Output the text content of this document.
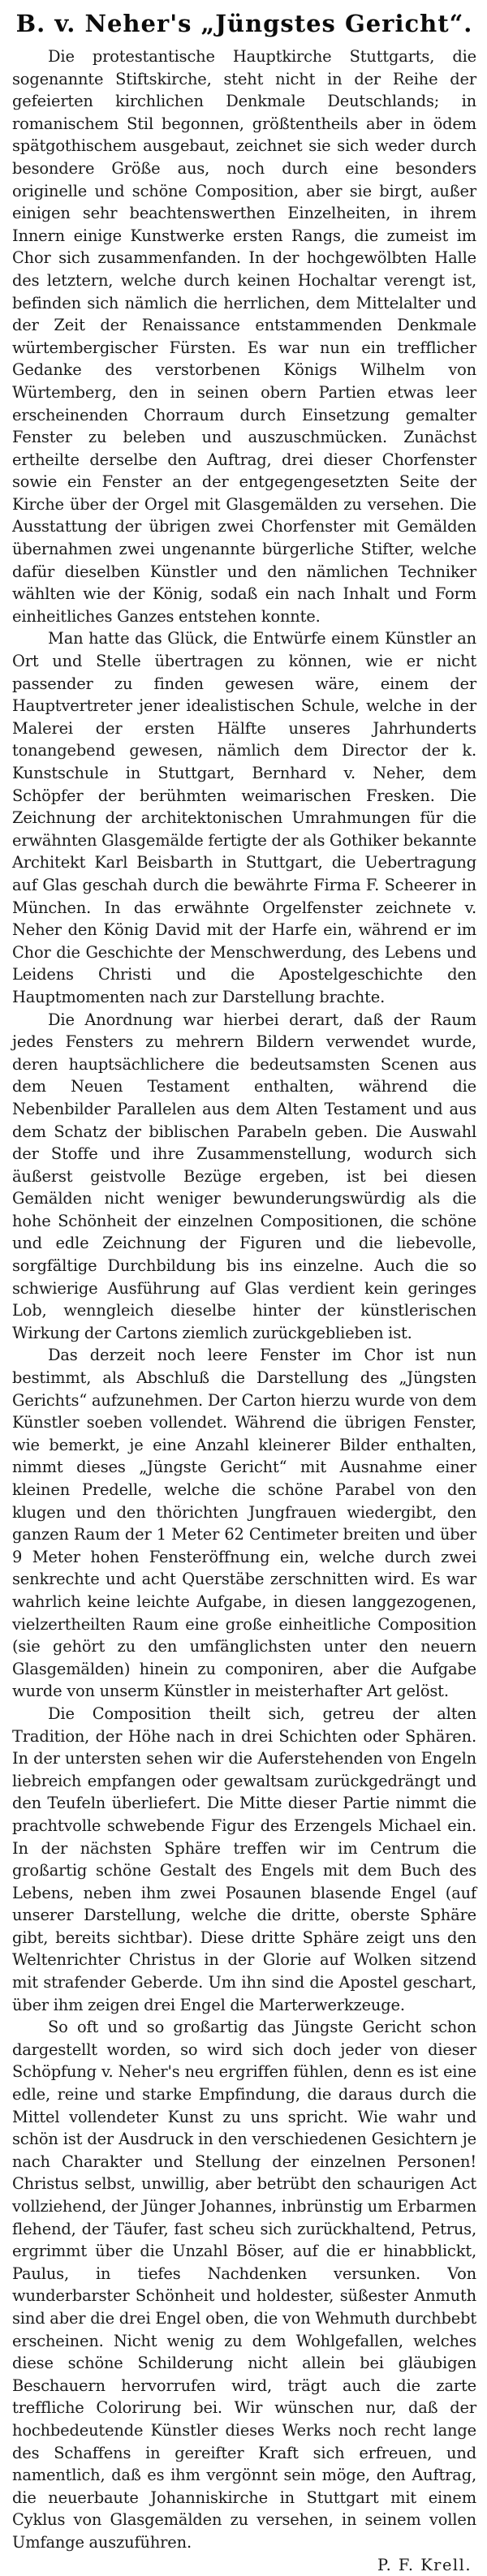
B. v. Neher's „Jüngstes Gericht“.

Die protestantische Hauptkirche Stuttgarts, die sogenannte Stiftskirche, steht nicht in der Reihe der gefeierten kirchlichen Denkmale Deutschlands; in romanischem Stil begonnen, größtentheils aber in ödem spätgothischem ausgebaut, zeichnet sie sich weder durch besondere Größe aus, noch durch eine besonders originelle und schöne Composition, aber sie birgt, außer einigen sehr beachtenswerthen Einzelheiten, in ihrem Innern einige Kunstwerke ersten Rangs, die zumeist im Chor sich zusammenfanden. In der hochgewölbten Halle des letztern, welche durch keinen Hochaltar verengt ist, befinden sich nämlich die herrlichen, dem Mittelalter und der Zeit der Renaissance entstammenden Denkmale würtembergischer Fürsten. Es war nun ein trefflicher Gedanke des verstorbenen Königs Wilhelm von Würtemberg, den in seinen obern Partien etwas leer erscheinenden Chorraum durch Einsetzung gemalter Fenster zu beleben und auszuschmücken. Zunächst ertheilte derselbe den Auftrag, drei dieser Chorfenster sowie ein Fenster an der entgegengesetzten Seite der Kirche über der Orgel mit Glasgemälden zu versehen. Die Ausstattung der übrigen zwei Chorfenster mit Gemälden übernahmen zwei ungenannte bürgerliche Stifter, welche dafür dieselben Künstler und den nämlichen Techniker wählten wie der König, sodaß ein nach Inhalt und Form einheitliches Ganzes entstehen konnte.

Man hatte das Glück, die Entwürfe einem Künstler an Ort und Stelle übertragen zu können, wie er nicht passender zu finden gewesen wäre, einem der Hauptvertreter jener idealistischen Schule, welche in der Malerei der ersten Hälfte unseres Jahrhunderts tonangebend gewesen, nämlich dem Director der k. Kunstschule in Stuttgart, Bernhard v. Neher, dem Schöpfer der berühmten weimarischen Fresken. Die Zeichnung der architektonischen Umrahmungen für die erwähnten Glasgemälde fertigte der als Gothiker bekannte Architekt Karl Beisbarth in Stuttgart, die Uebertragung auf Glas geschah durch die bewährte Firma F. Scheerer in München. In das erwähnte Orgelfenster zeichnete v. Neher den König David mit der Harfe ein, während er im Chor die Geschichte der Menschwerdung, des Lebens und Leidens Christi und die Apostelgeschichte den Hauptmomenten nach zur Darstellung brachte.

Die Anordnung war hierbei derart, daß der Raum jedes Fensters zu mehrern Bildern verwendet wurde, deren hauptsächlichere die bedeutsamsten Scenen aus dem Neuen Testament enthalten, während die Nebenbilder Parallelen aus dem Alten Testament und aus dem Schatz der biblischen Parabeln geben. Die Auswahl der Stoffe und ihre Zusammenstellung, wodurch sich äußerst geistvolle Bezüge ergeben, ist bei diesen Gemälden nicht weniger bewunderungswürdig als die hohe Schönheit der einzelnen Compositionen, die schöne und edle Zeichnung der Figuren und die liebevolle, sorgfältige Durchbildung bis ins einzelne. Auch die so schwierige Ausführung auf Glas verdient kein geringes Lob, wenngleich dieselbe hinter der künstlerischen Wirkung der Cartons ziemlich zurückgeblieben ist.

Das derzeit noch leere Fenster im Chor ist nun bestimmt, als Abschluß die Darstellung des „Jüngsten Gerichts“ aufzunehmen. Der Carton hierzu wurde von dem Künstler soeben vollendet. Während die übrigen Fenster, wie bemerkt, je eine Anzahl kleinerer Bilder enthalten, nimmt dieses „Jüngste Gericht“ mit Ausnahme einer kleinen Predelle, welche die schöne Parabel von den klugen und den thörichten Jungfrauen wiedergibt, den ganzen Raum der 1 Meter 62 Centimeter breiten und über 9 Meter hohen Fensteröffnung ein, welche durch zwei senkrechte und acht Querstäbe zerschnitten wird. Es war wahrlich keine leichte Aufgabe, in diesen langgezogenen, vielzertheilten Raum eine große einheitliche Composition (sie gehört zu den umfänglichsten unter den neuern Glasgemälden) hinein zu componiren, aber die Aufgabe wurde von unserm Künstler in meisterhafter Art gelöst.

Die Composition theilt sich, getreu der alten Tradition, der Höhe nach in drei Schichten oder Sphären. In der untersten sehen wir die Auferstehenden von Engeln liebreich empfangen oder gewaltsam zurückgedrängt und den Teufeln überliefert. Die Mitte dieser Partie nimmt die prachtvolle schwebende Figur des Erzengels Michael ein. In der nächsten Sphäre treffen wir im Centrum die großartig schöne Gestalt des Engels mit dem Buch des Lebens, neben ihm zwei Posaunen blasende Engel (auf unserer Darstellung, welche die dritte, oberste Sphäre gibt, bereits sichtbar). Diese dritte Sphäre zeigt uns den Weltenrichter Christus in der Glorie auf Wolken sitzend mit strafender Geberde. Um ihn sind die Apostel geschart, über ihm zeigen drei Engel die Marterwerkzeuge.

So oft und so großartig das Jüngste Gericht schon dargestellt worden, so wird sich doch jeder von dieser Schöpfung v. Neher's neu ergriffen fühlen, denn es ist eine edle, reine und starke Empfindung, die daraus durch die Mittel vollendeter Kunst zu uns spricht. Wie wahr und schön ist der Ausdruck in den verschiedenen Gesichtern je nach Charakter und Stellung der einzelnen Personen! Christus selbst, unwillig, aber betrübt den schaurigen Act vollziehend, der Jünger Johannes, inbrünstig um Erbarmen flehend, der Täufer, fast scheu sich zurückhaltend, Petrus, ergrimmt über die Unzahl Böser, auf die er hinabblickt, Paulus, in tiefes Nachdenken versunken. Von wunderbarster Schönheit und holdester, süßester Anmuth sind aber die drei Engel oben, die von Wehmuth durchbebt erscheinen. Nicht wenig zu dem Wohlgefallen, welches diese schöne Schilderung nicht allein bei gläubigen Beschauern hervorrufen wird, trägt auch die zarte treffliche Colorirung bei. Wir wünschen nur, daß der hochbedeutende Künstler dieses Werks noch recht lange des Schaffens in gereifter Kraft sich erfreuen, und namentlich, daß es ihm vergönnt sein möge, den Auftrag, die neuerbaute Johanniskirche in Stuttgart mit einem Cyklus von Glasgemälden zu versehen, in seinem vollen Umfange auszuführen.

P. F. Krell.
